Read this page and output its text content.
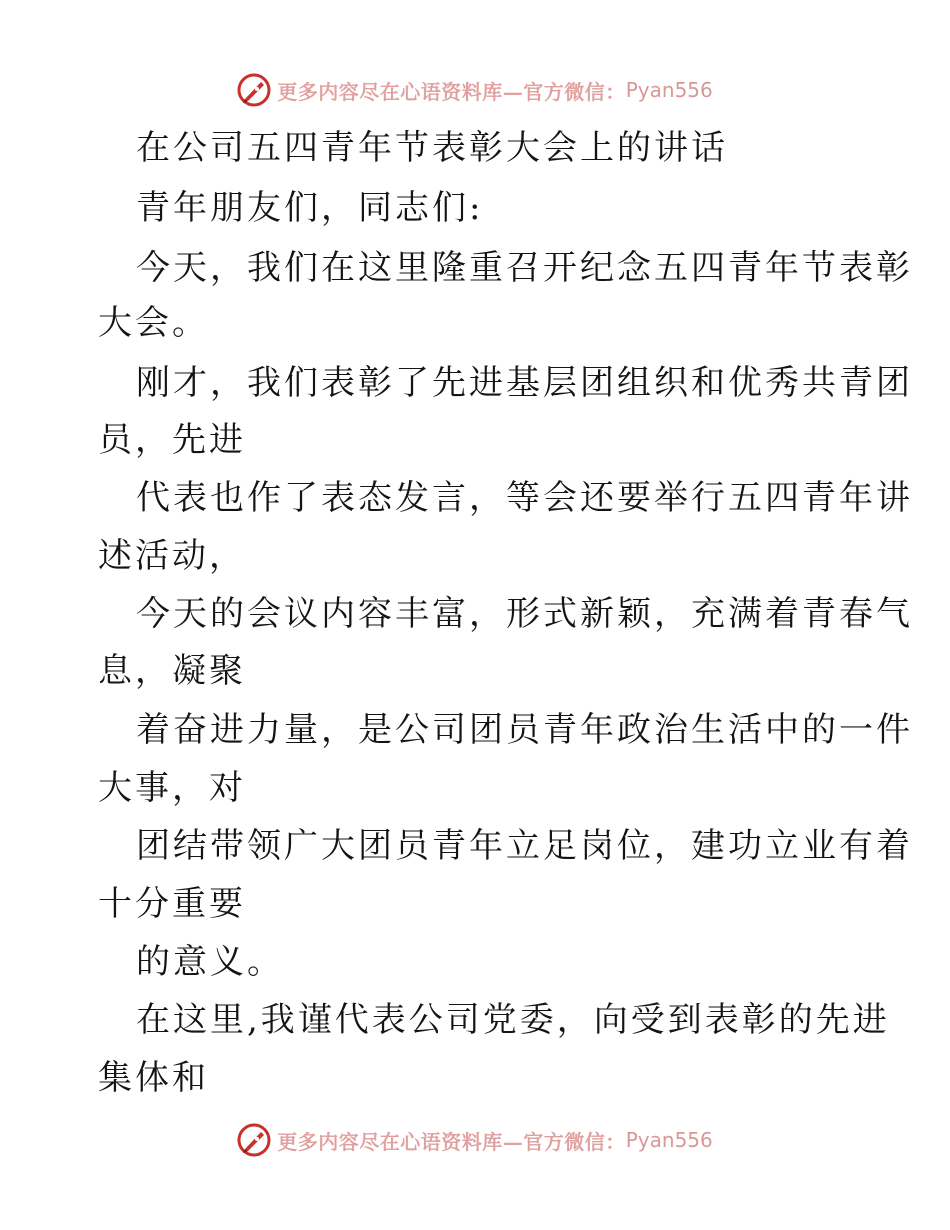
更多内容尽在心语资料库—官方微信： Pyan556
在公司五四青年节表彰大会上的讲话
青年朋友们，同志们:
今天，我们在这里隆重召开纪念五四青年节表彰
大会。
刚才，我们表彰了先进基层团组织和优秀共青团
员，先进
代表也作了表态发言，等会还要举行五四青年讲
述活动，
今天的会议内容丰富，形式新颖，充满着青春气
息，凝聚
着奋进力量，是公司团员青年政治生活中的一件
大事，对
团结带领广大团员青年立足岗位，建功立业有着
十分重要
的意义。
在这里,我谨代表公司党委，向受到表彰的先进
集体和
更多内容尽在心语资料库—官方微信： Pyan556
